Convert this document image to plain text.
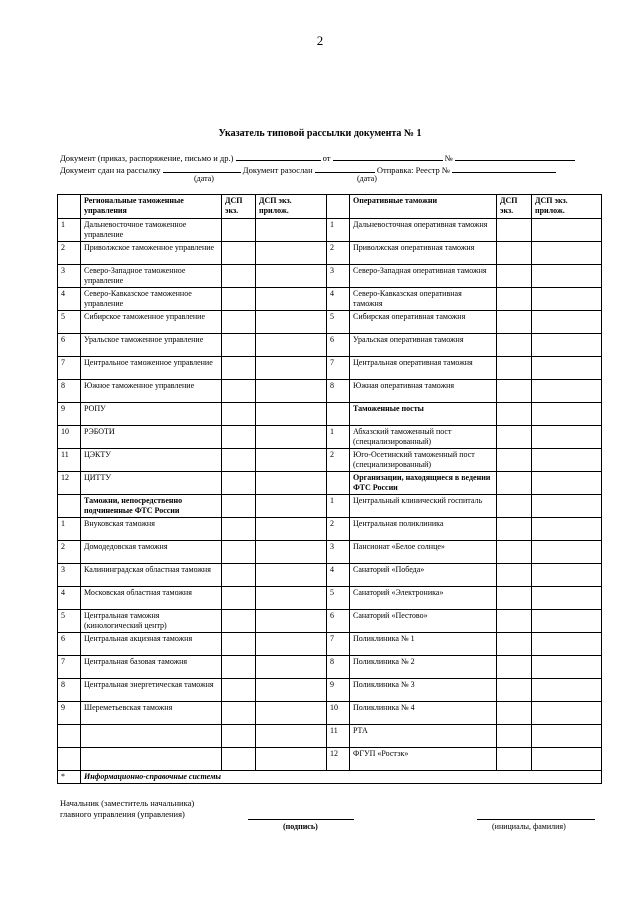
2
Указатель типовой рассылки документа № 1
Документ (приказ, распоряжение, письмо и др.)	от	№
Документ сдан на рассылку	Документ разослан	Отправка: Реестр №
(дата)	(дата)
	Региональные таможенные управления	ДСП экз.	ДСП экз. прилож.		Оперативные таможни	ДСП экз.	ДСП экз. прилож.
1	Дальневосточное таможенное управление			1	Дальневосточная оперативная таможня		
2	Приволжское таможенное управление			2	Приволжская оперативная таможня		
3	Северо-Западное таможенное управление			3	Северо-Западная оперативная таможня		
4	Северо-Кавказское таможенное управление			4	Северо-Кавказская оперативная таможня		
5	Сибирское таможенное управление			5	Сибирская оперативная таможня		
6	Уральское таможенное управление			6	Уральская оперативная таможня		
7	Центральное таможенное управление			7	Центральная оперативная таможня		
8	Южное таможенное управление			8	Южная оперативная таможня		
9	РОПУ				Таможенные посты		
10	РЭБОТИ			1	Абхазский таможенный пост (специализированный)		
11	ЦЭКТУ			2	Юго-Осетинский таможенный пост (специализированный)		
12	ЦИТТУ				Организации, находящиеся в ведении ФТС России		
	Таможни, непосредственно подчиненные ФТС России			1	Центральный клинический госпиталь		
1	Внуковская таможня			2	Центральная поликлиника		
2	Домодедовская таможня			3	Пансионат «Белое солнце»		
3	Калининградская областная таможня			4	Санаторий «Победа»		
4	Московская областная таможня			5	Санаторий «Электроника»		
5	Центральная таможня (кинологический центр)			6	Санаторий «Пестово»		
6	Центральная акцизная таможня			7	Поликлиника № 1		
7	Центральная базовая таможня			8	Поликлиника № 2		
8	Центральная энергетическая таможня			9	Поликлиника № 3		
9	Шереметьевская таможня			10	Поликлиника № 4		
				11	РТА		
				12	ФГУП «Ростэк»		
*	Информационно-справочные системы						
Начальник (заместитель начальника)
главного управления (управления)
(подпись)	(инициалы, фамилия)
